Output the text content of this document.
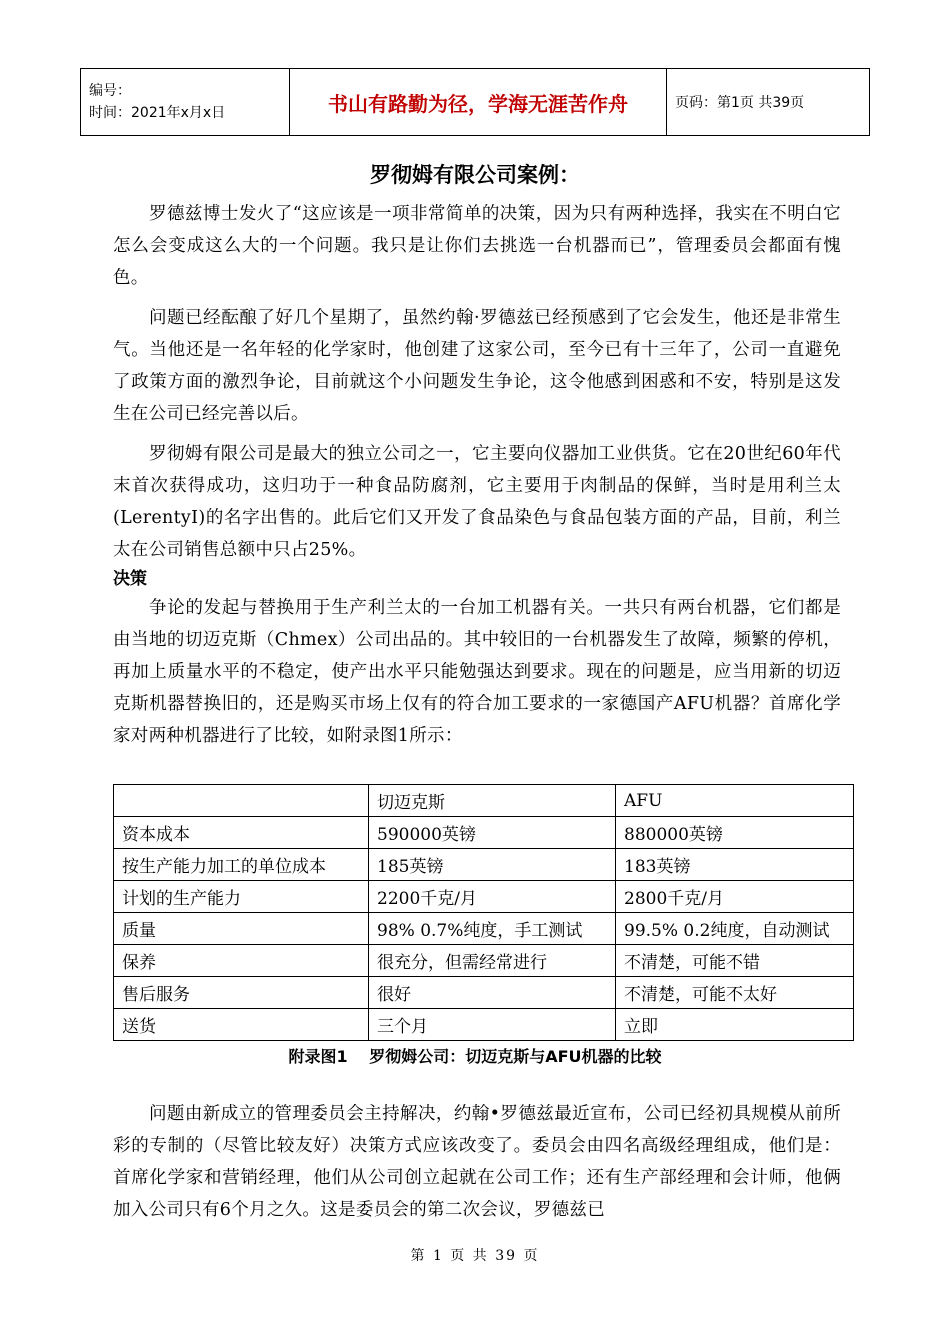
编号：
时间：2021年x月x日	书山有路勤为径，学海无涯苦作舟	页码：第1页 共39页
罗彻姆有限公司案例：

罗德兹博士发火了“这应该是一项非常简单的决策，因为只有两种选择，我实在不明白它怎么会变成这么大的一个问题。我只是让你们去挑选一台机器而已”，管理委员会都面有愧色。

问题已经酝酿了好几个星期了，虽然约翰·罗德兹已经预感到了它会发生，他还是非常生气。当他还是一名年轻的化学家时，他创建了这家公司，至今已有十三年了，公司一直避免了政策方面的激烈争论，目前就这个小问题发生争论，这令他感到困惑和不安，特别是这发生在公司已经完善以后。

罗彻姆有限公司是最大的独立公司之一，它主要向仪器加工业供货。它在20世纪60年代末首次获得成功，这归功于一种食品防腐剂，它主要用于肉制品的保鲜，当时是用利兰太(LerentyI)的名字出售的。此后它们又开发了食品染色与食品包装方面的产品，目前，利兰太在公司销售总额中只占25%。

决策

争论的发起与替换用于生产利兰太的一台加工机器有关。一共只有两台机器，它们都是由当地的切迈克斯（Chmex）公司出品的。其中较旧的一台机器发生了故障，频繁的停机，再加上质量水平的不稳定，使产出水平只能勉强达到要求。现在的问题是，应当用新的切迈克斯机器替换旧的，还是购买市场上仅有的符合加工要求的一家德国产AFU机器？首席化学家对两种机器进行了比较，如附录图1所示：

	切迈克斯	AFU
资本成本	590000英镑	880000英镑
按生产能力加工的单位成本	185英镑	183英镑
计划的生产能力	2200千克/月	2800千克/月
质量	98% 0.7%纯度，手工测试	99.5% 0.2纯度，自动测试
保养	很充分，但需经常进行	不清楚，可能不错
售后服务	很好	不清楚，可能不太好
送货	三个月	立即
附录图1　 罗彻姆公司：切迈克斯与AFU机器的比较

问题由新成立的管理委员会主持解决，约翰•罗德兹最近宣布，公司已经初具规模从前所彩的专制的（尽管比较友好）决策方式应该改变了。委员会由四名高级经理组成，他们是：首席化学家和营销经理，他们从公司创立起就在公司工作；还有生产部经理和会计师，他俩加入公司只有6个月之久。这是委员会的第二次会议，罗德兹已

第 1 页 共 39 页
